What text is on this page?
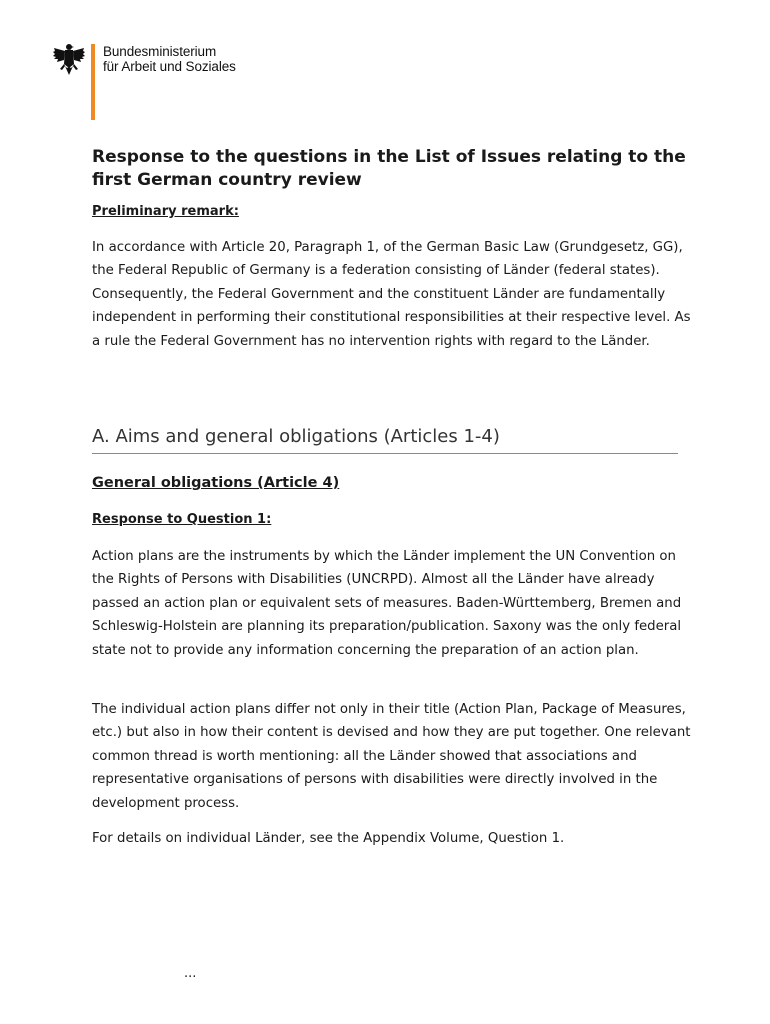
Bundesministerium
für Arbeit und Soziales
Response to the questions in the List of Issues relating to the first German country review
Preliminary remark:

In accordance with Article 20, Paragraph 1, of the German Basic Law (Grundgesetz, GG), the Federal Republic of Germany is a federation consisting of Länder (federal states). Consequently, the Federal Government and the constituent Länder are fundamentally independent in performing their constitutional responsibilities at their respective level. As a rule the Federal Government has no intervention rights with regard to the Länder.

A. Aims and general obligations (Articles 1-4)
General obligations (Article 4)
Response to Question 1:

Action plans are the instruments by which the Länder implement the UN Convention on the Rights of Persons with Disabilities (UNCRPD). Almost all the Länder have already passed an action plan or equivalent sets of measures. Baden-Württemberg, Bremen and Schleswig-Holstein are planning its preparation/publication. Saxony was the only federal state not to provide any information concerning the preparation of an action plan.

The individual action plans differ not only in their title (Action Plan, Package of Measures, etc.) but also in how their content is devised and how they are put together. One relevant common thread is worth mentioning: all the Länder showed that associations and representative organisations of persons with disabilities were directly involved in the development process.

For details on individual Länder, see the Appendix Volume, Question 1.

...
